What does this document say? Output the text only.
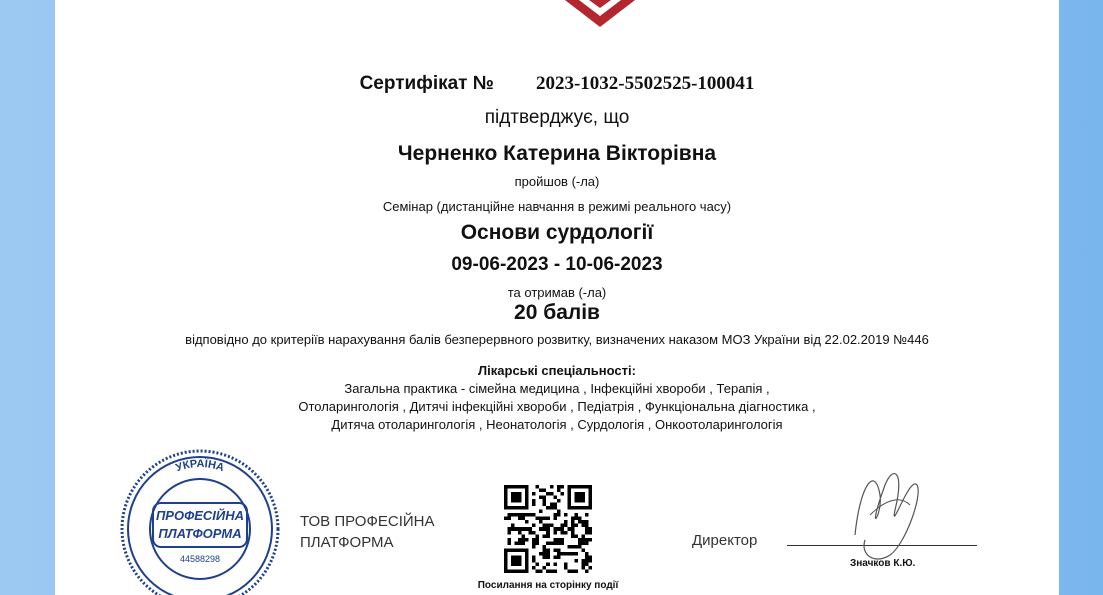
Сертифікат № 2023-1032-5502525-100041
підтверджує, що
Черненко Катерина Вікторівна
пройшов (-ла)
Семінар (дистанційне навчання в режимі реального часу)
Основи сурдології
09-06-2023 - 10-06-2023
та отримав (-ла)
20 балів
відповідно до критеріїв нарахування балів безперервного розвитку, визначених наказом МОЗ України від 22.02.2019 №446
Лікарські спеціальності:
Загальна практика - сімейна медицина , Інфекційні хвороби , Терапія ,
Отоларингологія , Дитячі інфекційні хвороби , Педіатрія , Функціональна діагностика ,
Дитяча отоларингологія , Неонатологія , Сурдологія , Онкоотоларингологія
УКРАЇНА
ПРОФЕСІЙНА
ПЛАТФОРМА
44588298
ТОВ ПРОФЕСІЙНА
ПЛАТФОРМА
Посилання на сторінку події
Директор
Значков К.Ю.
